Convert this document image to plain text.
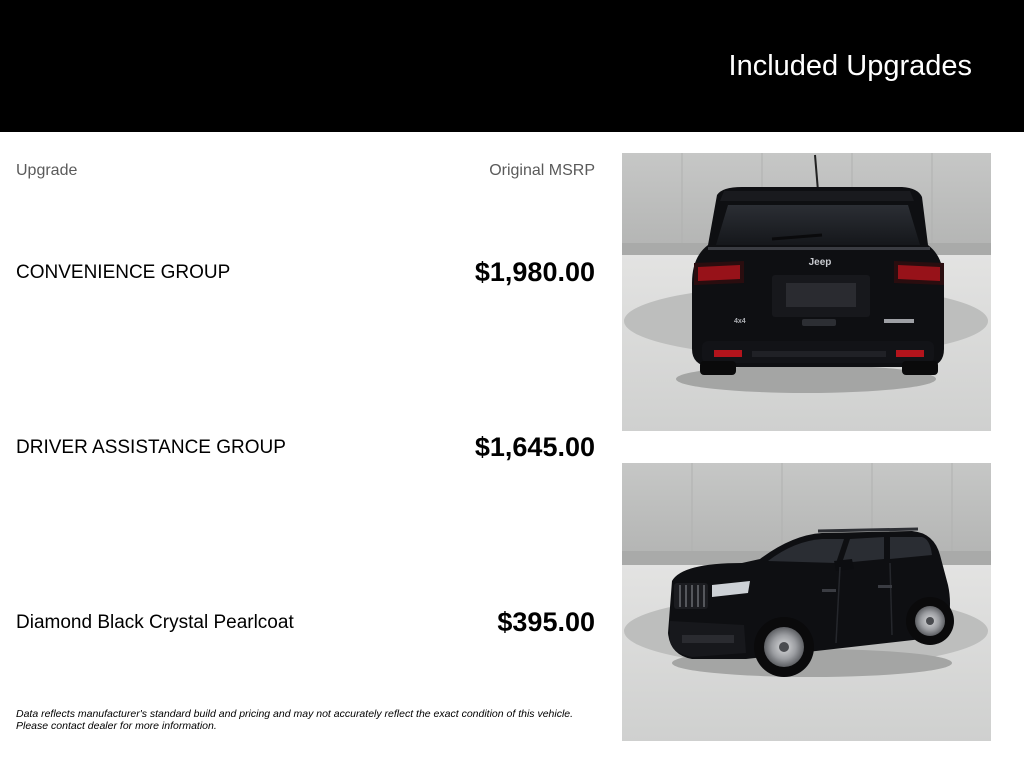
Included Upgrades
Upgrade	Original MSRP
CONVENIENCE GROUP	$1,980.00
DRIVER ASSISTANCE GROUP	$1,645.00
Diamond Black Crystal Pearlcoat	$395.00
Data reflects manufacturer's standard build and pricing and may not accurately reflect the exact condition of this vehicle.
Please contact dealer for more information.
Jeep
4x4
